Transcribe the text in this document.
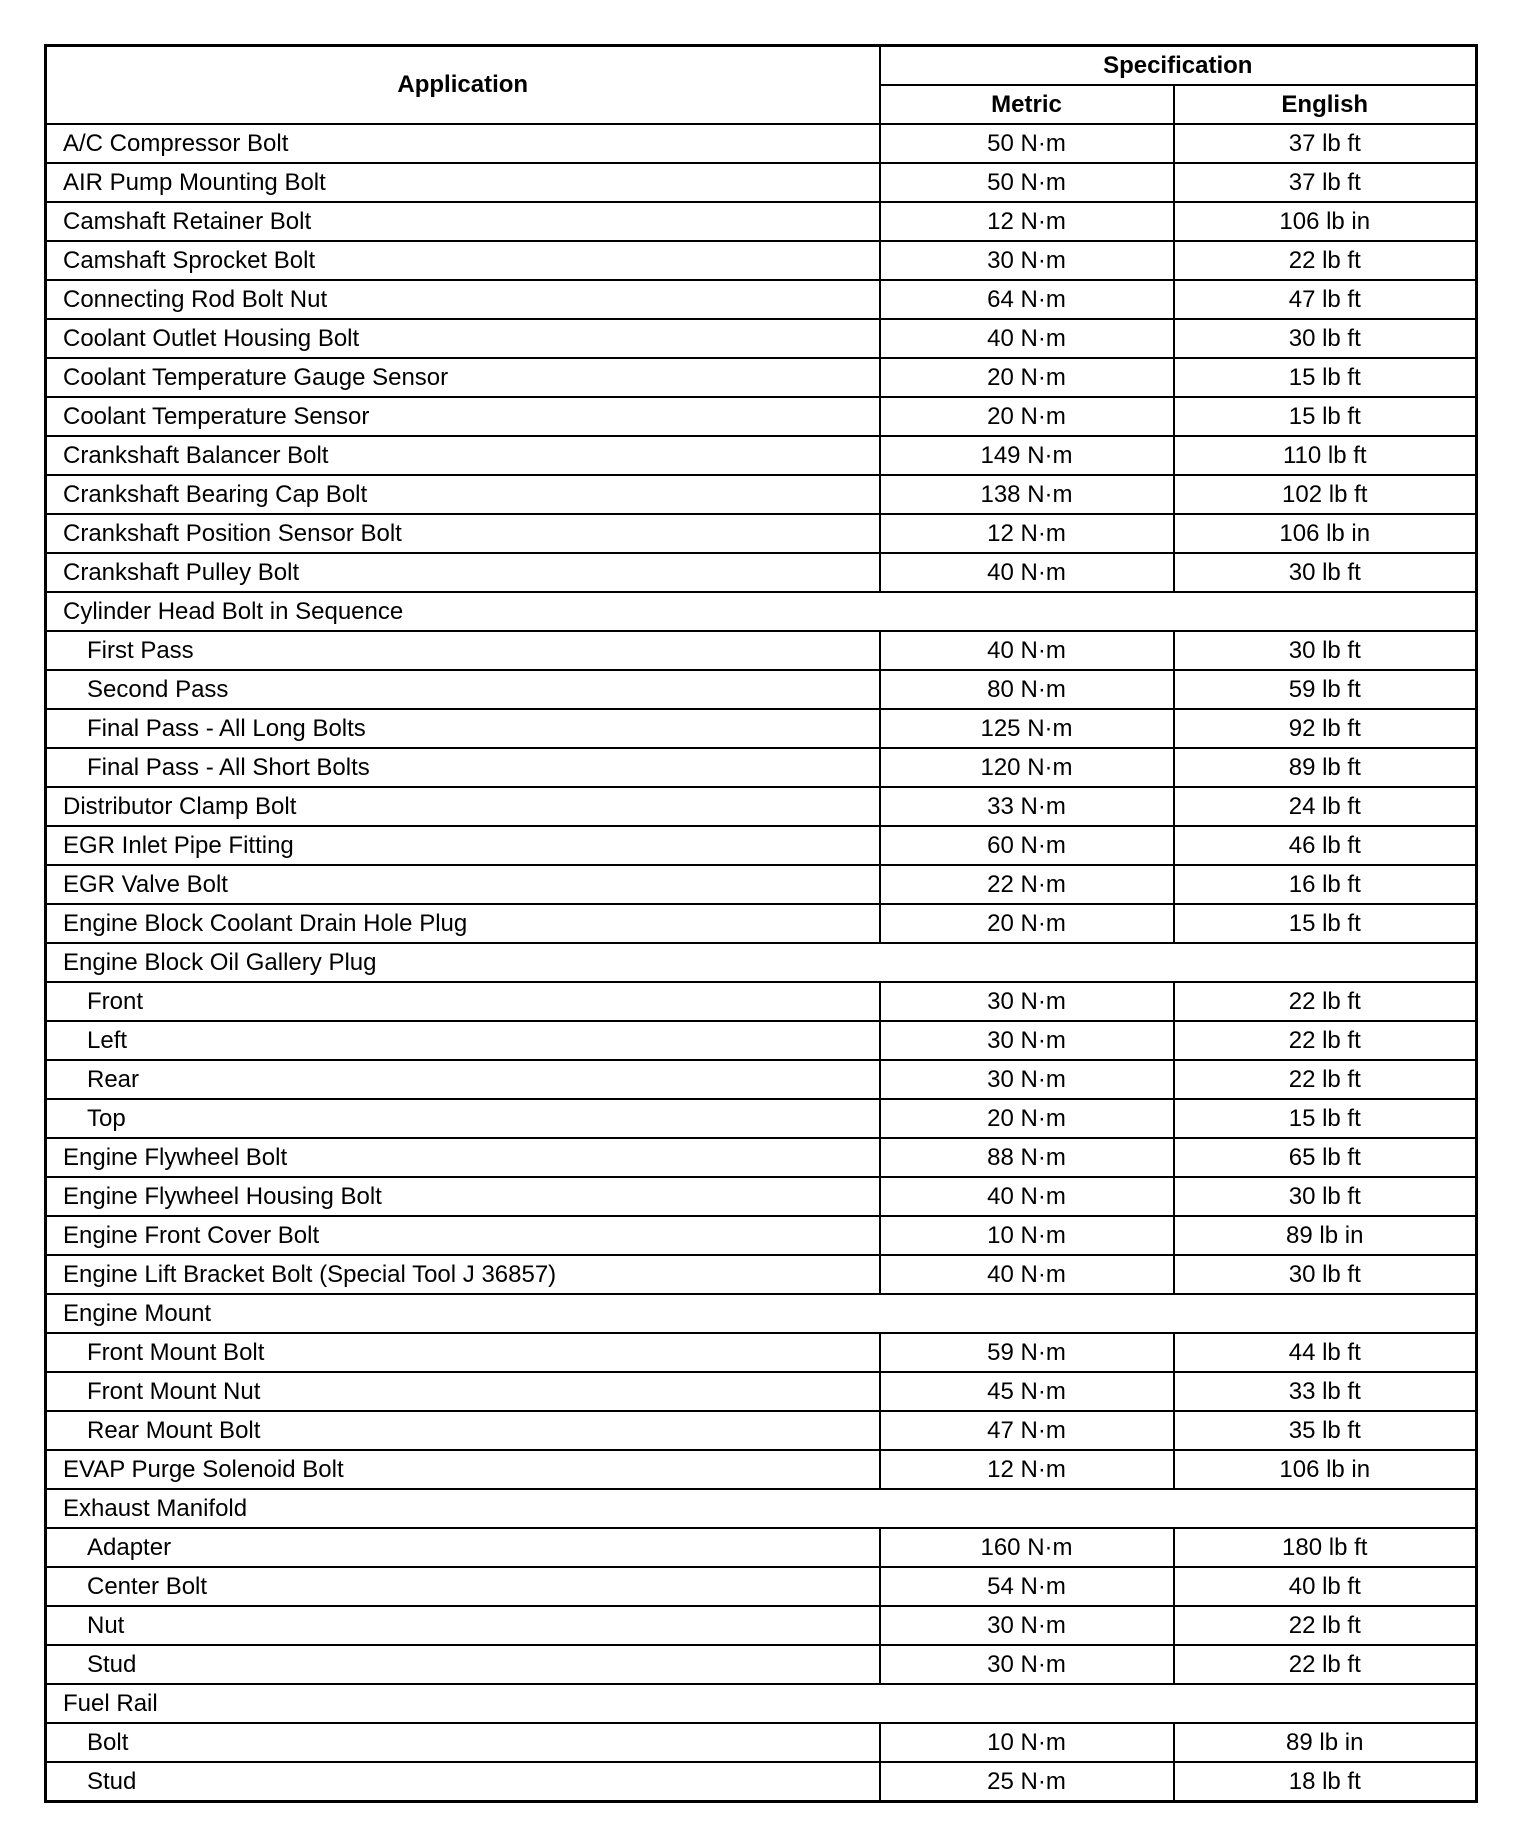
Application	Specification	
	Metric	English
A/C Compressor Bolt	50 N·m	37 lb ft
AIR Pump Mounting Bolt	50 N·m	37 lb ft
Camshaft Retainer Bolt	12 N·m	106 lb in
Camshaft Sprocket Bolt	30 N·m	22 lb ft
Connecting Rod Bolt Nut	64 N·m	47 lb ft
Coolant Outlet Housing Bolt	40 N·m	30 lb ft
Coolant Temperature Gauge Sensor	20 N·m	15 lb ft
Coolant Temperature Sensor	20 N·m	15 lb ft
Crankshaft Balancer Bolt	149 N·m	110 lb ft
Crankshaft Bearing Cap Bolt	138 N·m	102 lb ft
Crankshaft Position Sensor Bolt	12 N·m	106 lb in
Crankshaft Pulley Bolt	40 N·m	30 lb ft
Cylinder Head Bolt in Sequence		
First Pass	40 N·m	30 lb ft
Second Pass	80 N·m	59 lb ft
Final Pass - All Long Bolts	125 N·m	92 lb ft
Final Pass - All Short Bolts	120 N·m	89 lb ft
Distributor Clamp Bolt	33 N·m	24 lb ft
EGR Inlet Pipe Fitting	60 N·m	46 lb ft
EGR Valve Bolt	22 N·m	16 lb ft
Engine Block Coolant Drain Hole Plug	20 N·m	15 lb ft
Engine Block Oil Gallery Plug		
Front	30 N·m	22 lb ft
Left	30 N·m	22 lb ft
Rear	30 N·m	22 lb ft
Top	20 N·m	15 lb ft
Engine Flywheel Bolt	88 N·m	65 lb ft
Engine Flywheel Housing Bolt	40 N·m	30 lb ft
Engine Front Cover Bolt	10 N·m	89 lb in
Engine Lift Bracket Bolt (Special Tool J 36857)	40 N·m	30 lb ft
Engine Mount		
Front Mount Bolt	59 N·m	44 lb ft
Front Mount Nut	45 N·m	33 lb ft
Rear Mount Bolt	47 N·m	35 lb ft
EVAP Purge Solenoid Bolt	12 N·m	106 lb in
Exhaust Manifold		
Adapter	160 N·m	180 lb ft
Center Bolt	54 N·m	40 lb ft
Nut	30 N·m	22 lb ft
Stud	30 N·m	22 lb ft
Fuel Rail		
Bolt	10 N·m	89 lb in
Stud	25 N·m	18 lb ft
